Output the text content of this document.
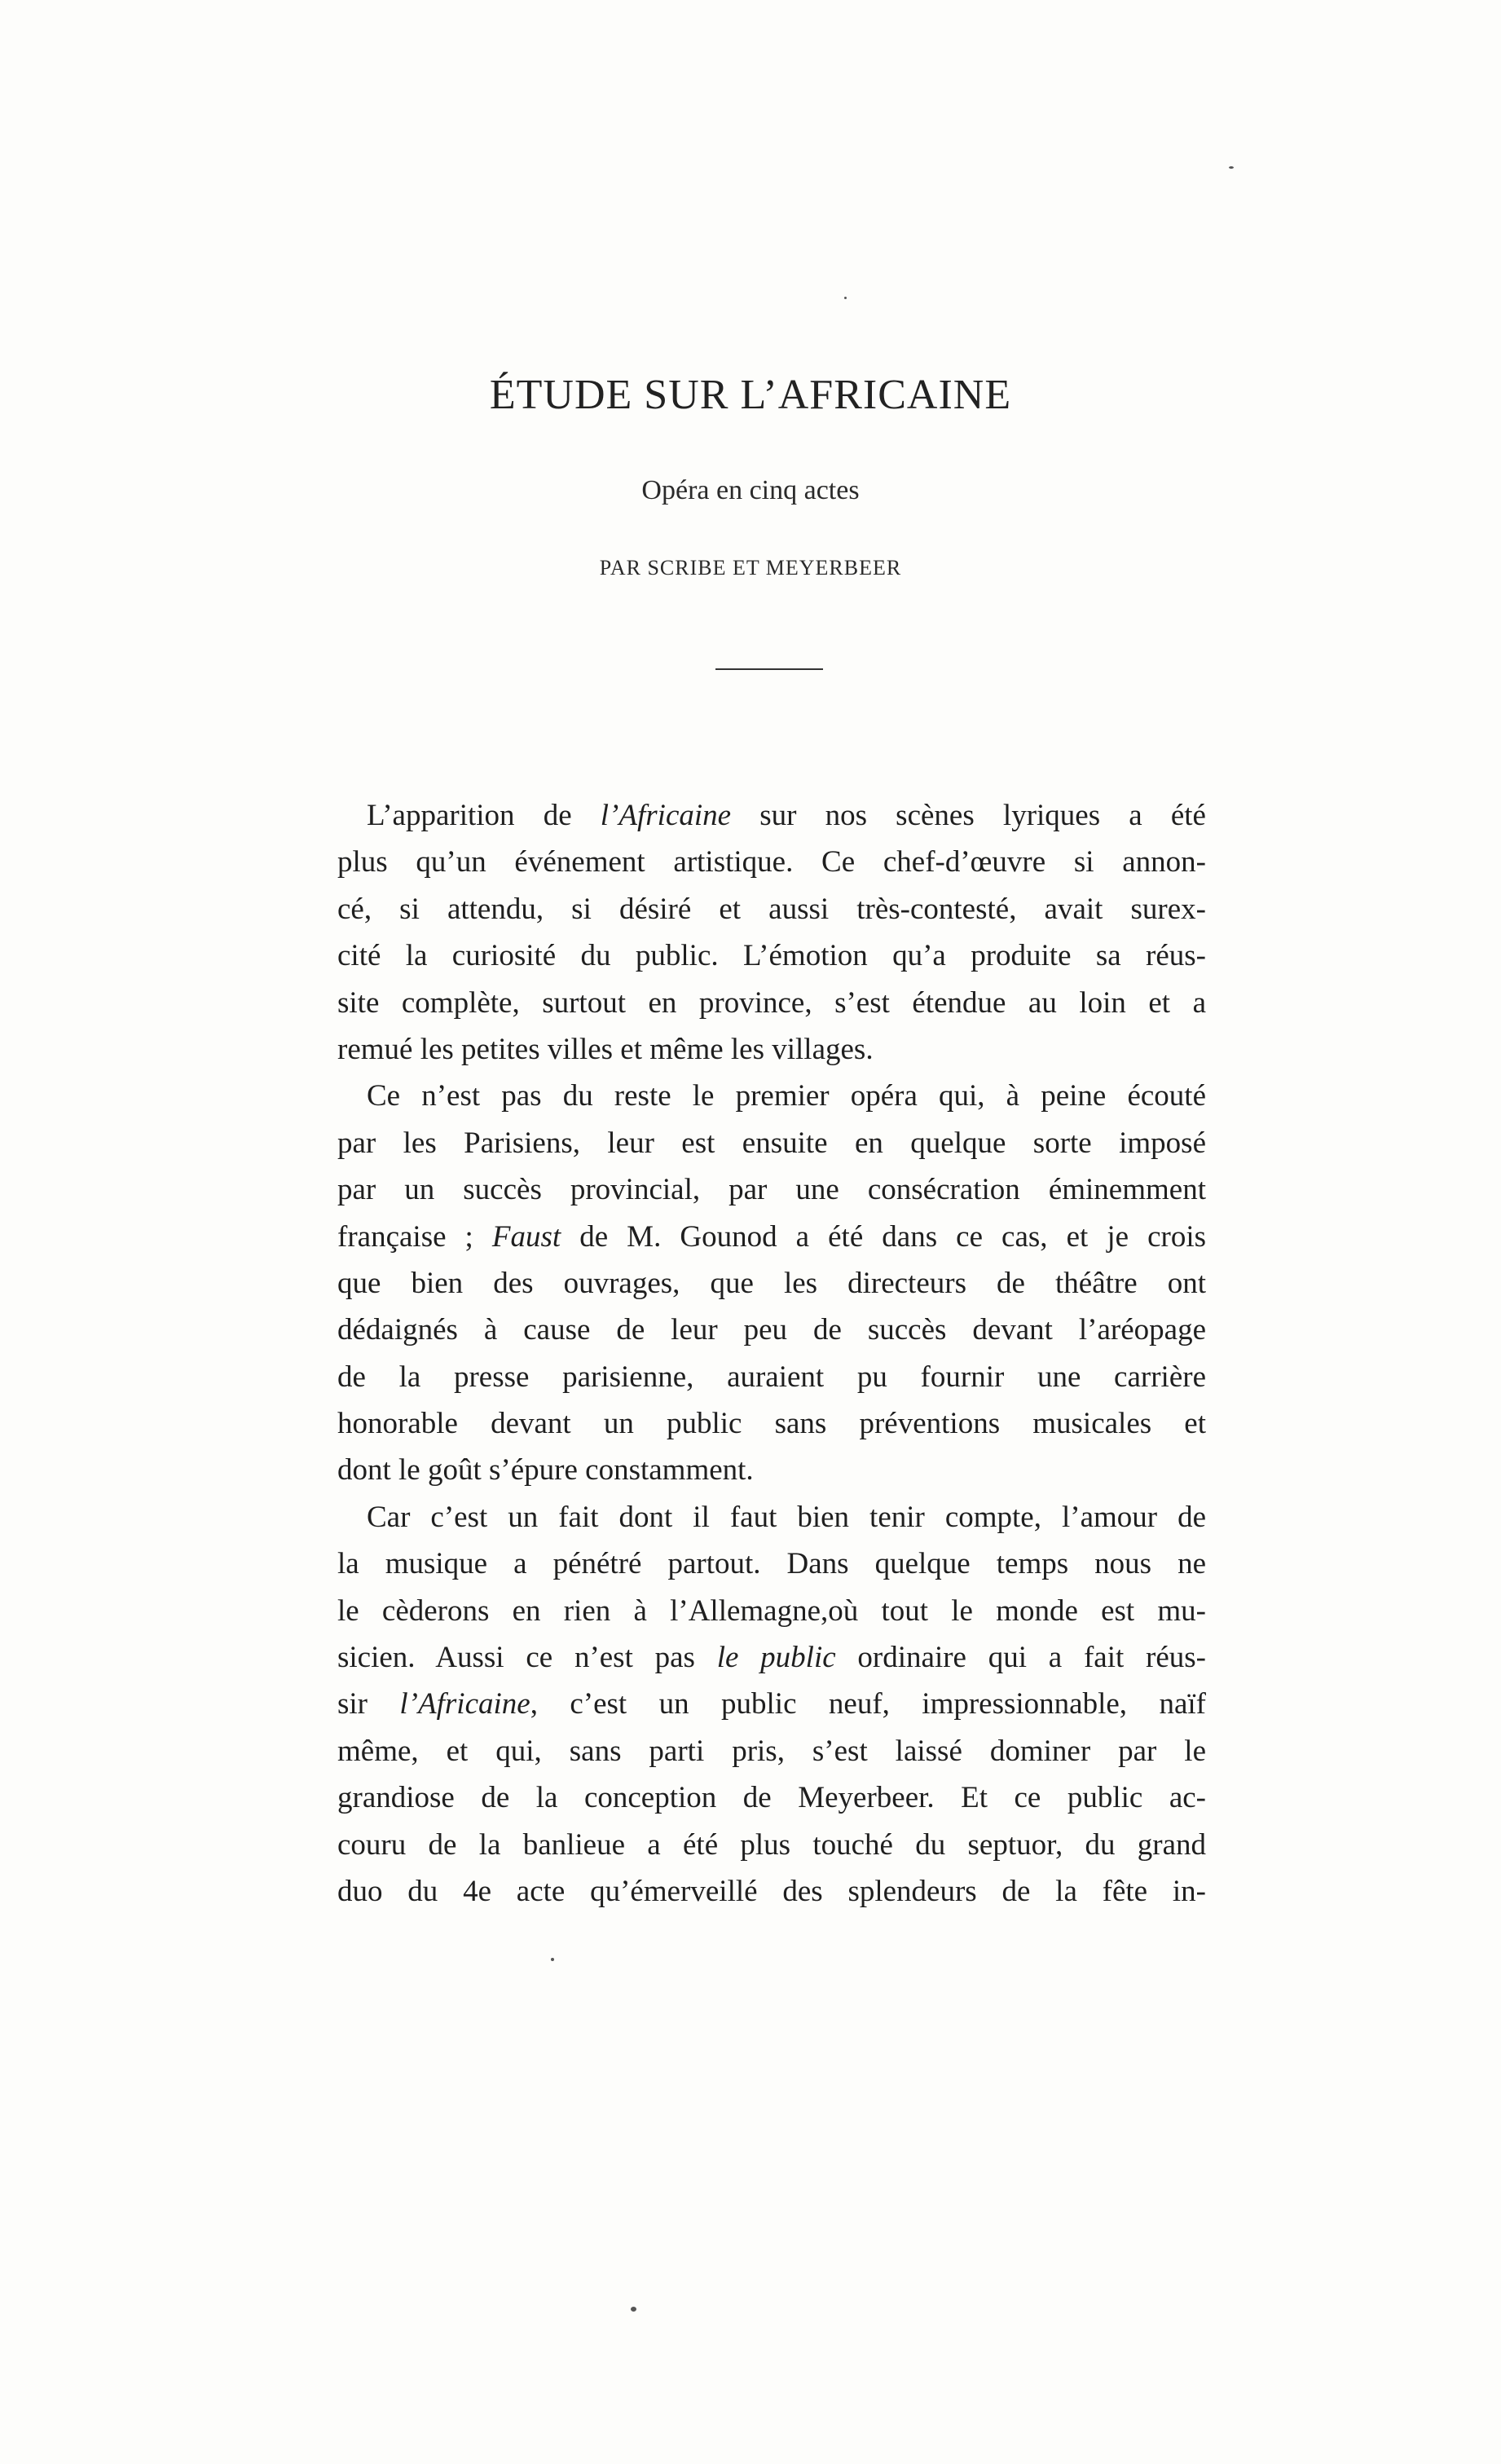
ÉTUDE SUR L’AFRICAINE

Opéra en cinq actes

PAR SCRIBE ET MEYERBEER

L’apparition de l’Africaine sur nos scènes lyriques a été
plus qu’un événement artistique. Ce chef-d’œuvre si annon-
cé, si attendu, si désiré et aussi très-contesté, avait surex-
cité la curiosité du public. L’émotion qu’a produite sa réus-
site complète, surtout en province, s’est étendue au loin et a
remué les petites villes et même les villages.
Ce n’est pas du reste le premier opéra qui, à peine écouté
par les Parisiens, leur est ensuite en quelque sorte imposé
par un succès provincial, par une consécration éminemment
française ; Faust de M. Gounod a été dans ce cas, et je crois
que bien des ouvrages, que les directeurs de théâtre ont
dédaignés à cause de leur peu de succès devant l’aréopage
de la presse parisienne, auraient pu fournir une carrière
honorable devant un public sans préventions musicales et
dont le goût s’épure constamment.
Car c’est un fait dont il faut bien tenir compte, l’amour de
la musique a pénétré partout. Dans quelque temps nous ne
le cèderons en rien à l’Allemagne,où tout le monde est mu-
sicien. Aussi ce n’est pas le public ordinaire qui a fait réus-
sir l’Africaine, c’est un public neuf, impressionnable, naïf
même, et qui, sans parti pris, s’est laissé dominer par le
grandiose de la conception de Meyerbeer. Et ce public ac-
couru de la banlieue a été plus touché du septuor, du grand
duo du 4e acte qu’émerveillé des splendeurs de la fête in-
